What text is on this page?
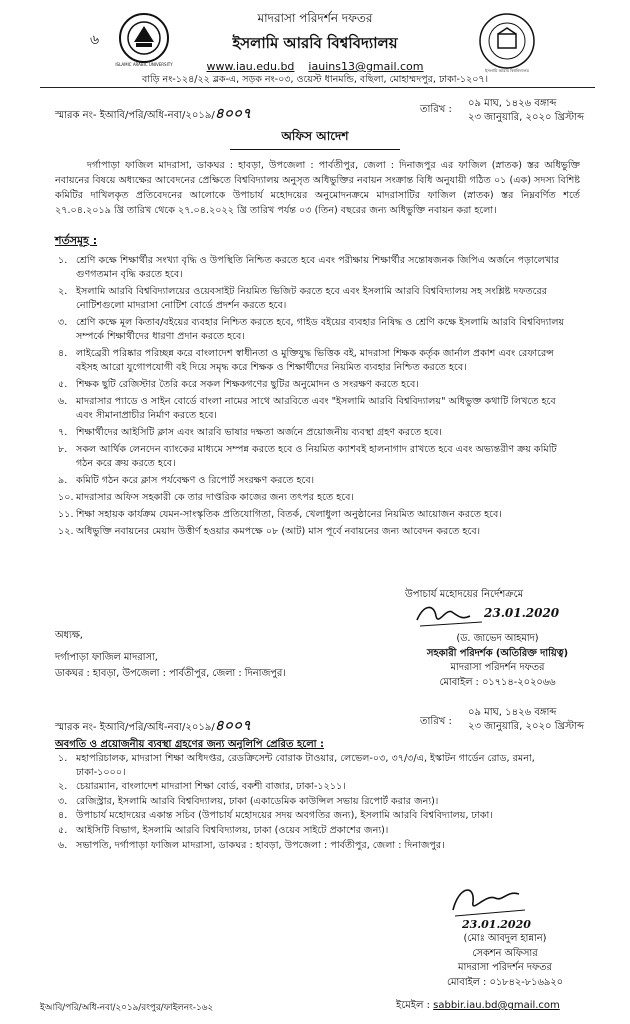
ISLAMIC ARABIC UNIVERSITY
৬
মাদরাসা পরিদর্শন দফতর
ইসলামি আরবি বিশ্ববিদ্যালয়
www.iau.edu.bd iauins13@gmail.com	ইসলামি আরবি বিশ্ববিদ্যালয়
বাড়ি নং-১২৪/২২ ব্লক-এ, সড়ক নং-০৩, ওয়েস্ট ধানমন্ডি, বছিলা, মোহাম্মদপুর, ঢাকা-১২০৭।
স্মারক নং- ইআবি/পরি/অধি-নবা/২০১৯/৪০০৭	তারিখ :
০৯ মাঘ, ১৪২৬ বঙ্গাব্দ
২৩ জানুয়ারি, ২০২০ খ্রিস্টাব্দ
অফিস আদেশ
দর্গাপাড়া ফাজিল মাদরাসা, ডাকঘর : হাবড়া, উপজেলা : পার্বতীপুর, জেলা : দিনাজপুর এর ফাজিল (স্নাতক) স্তর অধিভুক্তি নবায়নের বিষয়ে অধ্যক্ষের আবেদনের প্রেক্ষিতে বিশ্ববিদ্যালয় অনুসৃত অধিভুক্তির নবায়ন সংক্রান্ত বিধি অনুযায়ী গঠিত ০১ (এক) সদস্য বিশিষ্ট কমিটির দাখিলকৃত প্রতিবেদনের আলোকে উপাচার্য মহোদয়ের অনুমোদনক্রমে মাদরাসাটির ফাজিল (স্নাতক) স্তর নিম্নবর্ণিত শর্তে ২৭.০৪.২০১৯ খ্রি তারিখ থেকে ২৭.০৪.২০২২ খ্রি তারিখ পর্যন্ত ০৩ (তিন) বছরের জন্য অধিভুক্তি নবায়ন করা হলো।
শর্তসমূহ :
১. শ্রেণি কক্ষে শিক্ষার্থীর সংখ্যা বৃদ্ধি ও উপস্থিতি নিশ্চিত করতে হবে এবং পরীক্ষায় শিক্ষার্থীর সন্তোষজনক জিপিএ অর্জনে পড়ালেখার গুণগতমান বৃদ্ধি করতে হবে।
২. ইসলামি আরবি বিশ্ববিদ্যালয়ের ওয়েবসাইট নিয়মিত ভিজিট করতে হবে এবং ইসলামি আরবি বিশ্ববিদ্যালয় সহ সংশ্লিষ্ট দফতরের নোটিশগুলো মাদরাসা নোটিশ বোর্ডে প্রদর্শন করতে হবে।
৩. শ্রেণি কক্ষে মূল কিতাব/বইয়ের ব্যবহার নিশ্চিত করতে হবে, গাইড বইয়ের ব্যবহার নিষিদ্ধ ও শ্রেণি কক্ষে ইসলামি আরবি বিশ্ববিদ্যালয় সম্পর্কে শিক্ষার্থীদের ধারণা প্রদান করতে হবে।
৪. লাইব্রেরী পরিষ্কার পরিচ্ছন্ন করে বাংলাদেশ স্বাধীনতা ও মুক্তিযুদ্ধ ভিত্তিক বই, মাদরাসা শিক্ষক কর্তৃক জার্নাল প্রকাশ এবং রেফারেন্স বইসহ আরো যুগোপযোগী বই দিয়ে সমৃদ্ধ করে শিক্ষক ও শিক্ষার্থীদের নিয়মিত ব্যবহার নিশ্চিত করতে হবে।
৫. শিক্ষক ছুটি রেজিস্টার তৈরি করে সকল শিক্ষকগণের ছুটির অনুমোদন ও সংরক্ষণ করতে হবে।
৬. মাদরাসার প্যাডে ও সাইন বোর্ডে বাংলা নামের সাথে আরবিতে এবং "ইসলামি আরবি বিশ্ববিদ্যালয়" অধিভুক্ত কথাটি লিখতে হবে এবং সীমানাপ্রাচীর নির্মাণ করতে হবে।
৭. শিক্ষার্থীদের আইসিটি ক্লাস এবং আরবি ভাষার দক্ষতা অর্জনে প্রয়োজনীয় ব্যবস্থা গ্রহণ করতে হবে।
৮. সকল আর্থিক লেনদেন ব্যাংকের মাধ্যমে সম্পন্ন করতে হবে ও নিয়মিত ক্যাশবই হালনাগাদ রাখতে হবে এবং অভ্যন্তরীণ ক্রয় কমিটি গঠন করে ক্রয় করতে হবে।
৯. কমিটি গঠন করে ক্লাস পর্যবেক্ষণ ও রিপোর্ট সংরক্ষণ করতে হবে।
১০. মাদরাসার অফিস সহকারী কে তার দাপ্তরিক কাজের জন্য তৎপর হতে হবে।
১১. শিক্ষা সহায়ক কার্যক্রম যেমন-সাংস্কৃতিক প্রতিযোগিতা, বিতর্ক, খেলাধুলা অনুষ্ঠানের নিয়মিত আয়োজন করতে হবে।
১২. অধিভুক্তি নবায়নের মেয়াদ উত্তীর্ণ হওয়ার কমপক্ষে ০৮ (আট) মাস পূর্বে নবায়নের জন্য আবেদন করতে হবে।
উপাচার্য মহোদয়ের নির্দেশক্রমে
23.01.2020
(ড. জাভেদ আহমাদ)
সহকারী পরিদর্শক (অতিরিক্ত দায়িত্ব)
মাদরাসা পরিদর্শন দফতর
মোবাইল : ০১৭১৪-২০২০৬৬
অধ্যক্ষ,
দর্গাপাড়া ফাজিল মাদরাসা,
ডাকঘর : হাবড়া, উপজেলা : পার্বতীপুর, জেলা : দিনাজপুর।
স্মারক নং- ইআবি/পরি/অধি-নবা/২০১৯/৪০০৭	তারিখ :
০৯ মাঘ, ১৪২৬ বঙ্গাব্দ
২৩ জানুয়ারি, ২০২০ খ্রিস্টাব্দ
অবগতি ও প্রয়োজনীয় ব্যবস্থা গ্রহণের জন্য অনুলিপি প্রেরিত হলো :
১. মহাপরিচালক, মাদরাসা শিক্ষা অধিদপ্তর, রেডক্রিসেন্ট বোরাক টাওয়ার, লেভেল-০৩, ৩৭/৩/এ, ইস্কাটন গার্ডেন রোড, রমনা, ঢাকা-১০০০।
২. চেয়ারম্যান, বাংলাদেশ মাদরাসা শিক্ষা বোর্ড, বকশী বাজার, ঢাকা-১২১১।
৩. রেজিস্ট্রার, ইসলামি আরবি বিশ্ববিদ্যালয়, ঢাকা (একাডেমিক কাউন্সিল সভায় রিপোর্ট করার জন্য)।
৪. উপাচার্য মহোদয়ের একান্ত সচিব (উপাচার্য মহোদয়ের সদয় অবগতির জন্য), ইসলামি আরবি বিশ্ববিদ্যালয়, ঢাকা।
৫. আইসিটি বিভাগ, ইসলামি আরবি বিশ্ববিদ্যালয়, ঢাকা (ওয়েব সাইটে প্রকাশের জন্য)।
৬. সভাপতি, দর্গাপাড়া ফাজিল মাদরাসা, ডাকঘর : হাবড়া, উপজেলা : পার্বতীপুর, জেলা : দিনাজপুর।
23.01.2020
(মোঃ আবদুল হান্নান)
সেকশন অফিসার
মাদরাসা পরিদর্শন দফতর
মোবাইল : ০১৮৪২-৮১৬৯২০
ইআবি/পরি/অধি-নবা/২০১৯/রংপুর/ফাইলনং-১৬২	ইমেইল : sabbir.iau.bd@gmail.com
